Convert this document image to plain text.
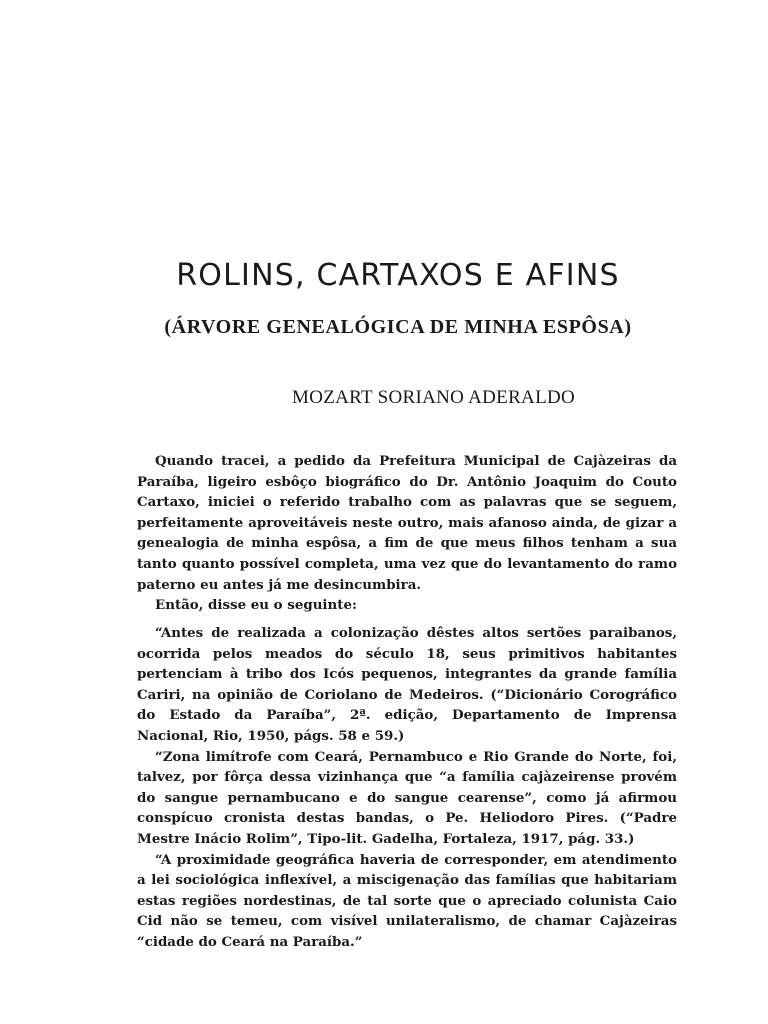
ROLINS, CARTAXOS E AFINS
(ÁRVORE GENEALÓGICA DE MINHA ESPÔSA)
MOZART SORIANO ADERALDO

Quando tracei, a pedido da Prefeitura Municipal de Cajàzeiras da Paraíba, ligeiro esbôço biográfico do Dr. Antônio Joaquim do Couto Cartaxo, iniciei o referido trabalho com as palavras que se seguem, perfeitamente aproveitáveis neste outro, mais afanoso ainda, de gizar a genealogia de minha espôsa, a fim de que meus filhos tenham a sua tanto quanto possível completa, uma vez que do levantamento do ramo paterno eu antes já me desincumbira.

Então, disse eu o seguinte:

“Antes de realizada a colonização dêstes altos sertões paraibanos, ocorrida pelos meados do século 18, seus primitivos habitantes pertenciam à tribo dos Icós pequenos, integrantes da grande família Cariri, na opinião de Coriolano de Medeiros. (“Dicionário Corográfico do Estado da Paraíba”, 2ª. edição, Departamento de Imprensa Nacional, Rio, 1950, págs. 58 e 59.)

“Zona limítrofe com Ceará, Pernambuco e Rio Grande do Norte, foi, talvez, por fôrça dessa vizinhança que “a família cajàzeirense provém do sangue pernambucano e do sangue cearense”, como já afirmou conspícuo cronista destas bandas, o Pe. Heliodoro Pires. (“Padre Mestre Inácio Rolim”, Tipo-lit. Gadelha, Fortaleza, 1917, pág. 33.)

“A proximidade geográfica haveria de corresponder, em atendimento a lei sociológica inflexível, a miscigenação das famílias que habitariam estas regiões nordestinas, de tal sorte que o apreciado colunista Caio Cid não se temeu, com visível unilateralismo, de chamar Cajàzeiras “cidade do Ceará na Paraíba.”
